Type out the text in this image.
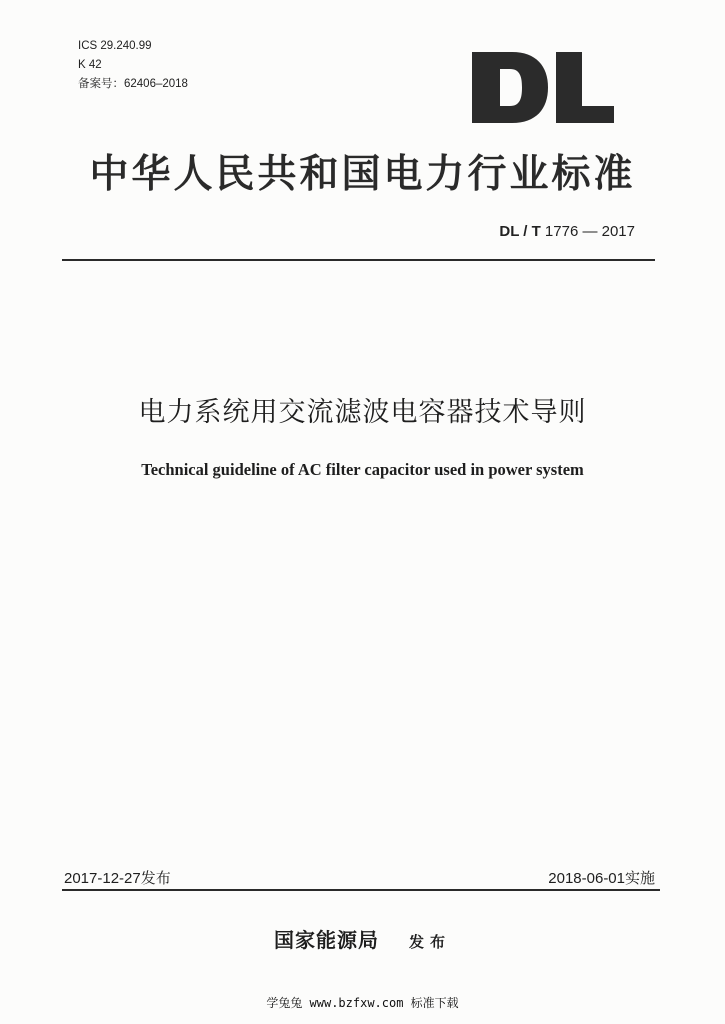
ICS 29.240.99
K 42
备案号：62406–2018
中华人民共和国电力行业标准
DL / T 1776 — 2017
电力系统用交流滤波电容器技术导则
Technical guideline of AC filter capacitor used in power system
2017-12-27发布	2018-06-01实施
国家能源局 发布
学兔兔 www.bzfxw.com 标准下载
